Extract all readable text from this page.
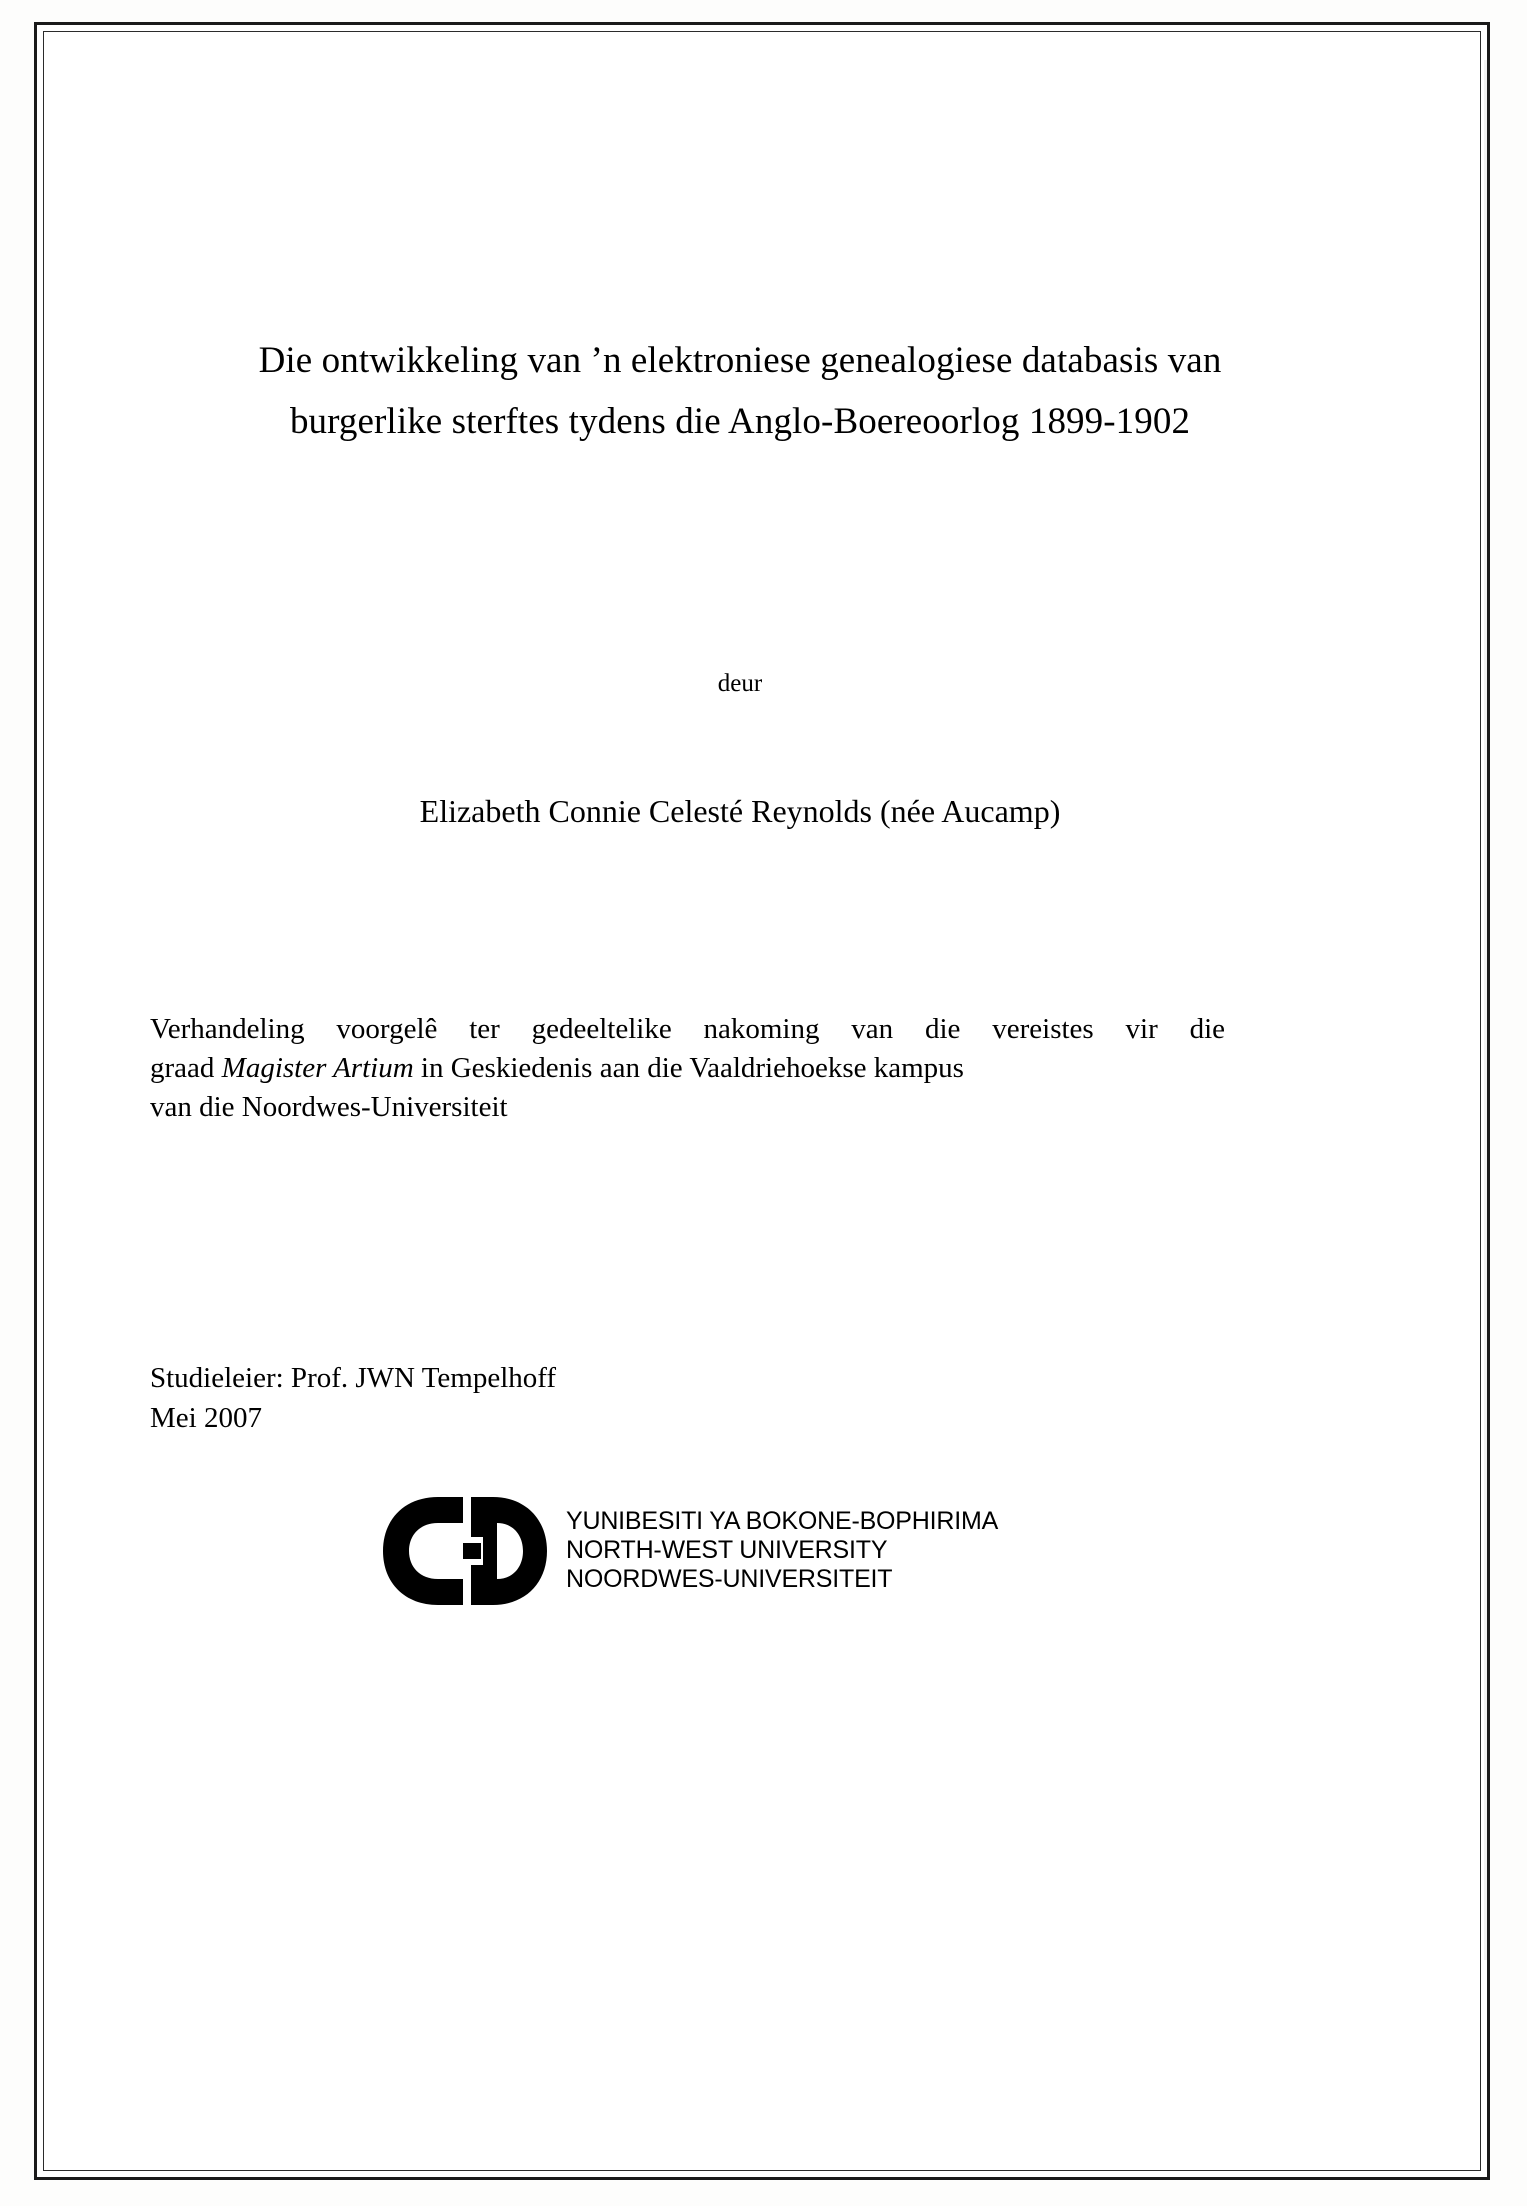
Die ontwikkeling van ’n elektroniese genealogiese databasis van
burgerlike sterftes tydens die Anglo-Boereoorlog 1899-1902
deur
Elizabeth Connie Celesté Reynolds (née Aucamp)
Verhandeling voorgelê ter gedeeltelike nakoming van die vereistes vir die
graad Magister Artium in Geskiedenis aan die Vaaldriehoekse kampus
van die Noordwes-Universiteit
Studieleier: Prof. JWN Tempelhoff
Mei 2007
YUNIBESITI YA BOKONE-BOPHIRIMA
NORTH-WEST UNIVERSITY
NOORDWES-UNIVERSITEIT
